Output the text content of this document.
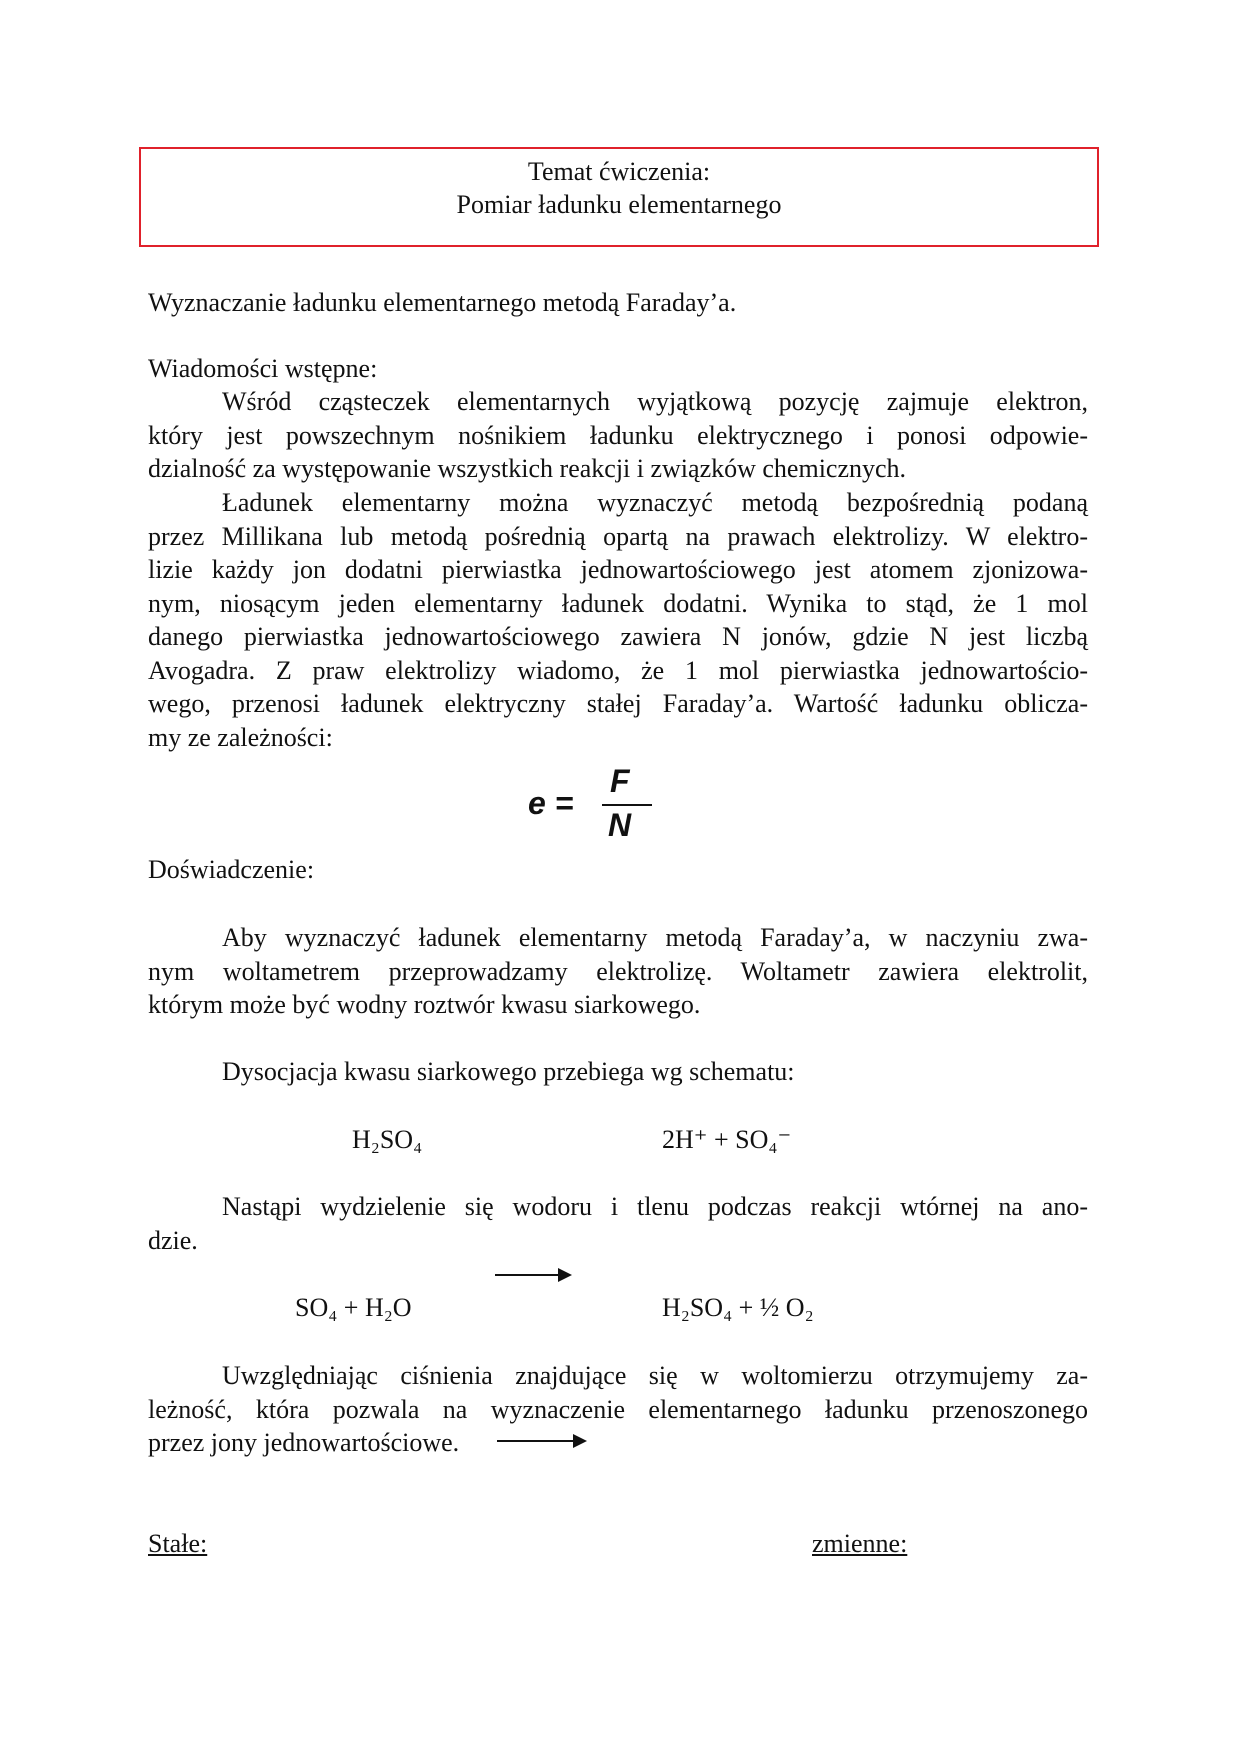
Temat ćwiczenia:
Pomiar ładunku elementarnego
Wyznaczanie ładunku elementarnego metodą Faraday’a.
Wiadomości wstępne:
Wśród cząsteczek elementarnych wyjątkową pozycję zajmuje elektron,
który jest powszechnym nośnikiem ładunku elektrycznego i ponosi odpowie-
dzialność za występowanie wszystkich reakcji i związków chemicznych.
Ładunek elementarny można wyznaczyć metodą bezpośrednią podaną
przez Millikana lub metodą pośrednią opartą na prawach elektrolizy. W elektro-
lizie każdy jon dodatni pierwiastka jednowartościowego jest atomem zjonizowa-
nym, niosącym jeden elementarny ładunek dodatni. Wynika to stąd, że 1 mol
danego pierwiastka jednowartościowego zawiera N jonów, gdzie N jest liczbą
Avogadra. Z praw elektrolizy wiadomo, że 1 mol pierwiastka jednowartościo-
wego, przenosi ładunek elektryczny stałej Faraday’a. Wartość ładunku oblicza-
my ze zależności:
e =
F
N
Doświadczenie:
Aby wyznaczyć ładunek elementarny metodą Faraday’a, w naczyniu zwa-
nym woltametrem przeprowadzamy elektrolizę. Woltametr zawiera elektrolit,
którym może być wodny roztwór kwasu siarkowego.
Dysocjacja kwasu siarkowego przebiega wg schematu:
H₂SO₄	2H⁺ + SO₄⁻
Nastąpi wydzielenie się wodoru i tlenu podczas reakcji wtórnej na ano-
dzie.
SO₄ + H₂O	H₂SO₄ + ½ O₂
Uwzględniając ciśnienia znajdujące się w woltomierzu otrzymujemy za-
leżność, która pozwala na wyznaczenie elementarnego ładunku przenoszonego
przez jony jednowartościowe.
Stałe:	zmienne:
